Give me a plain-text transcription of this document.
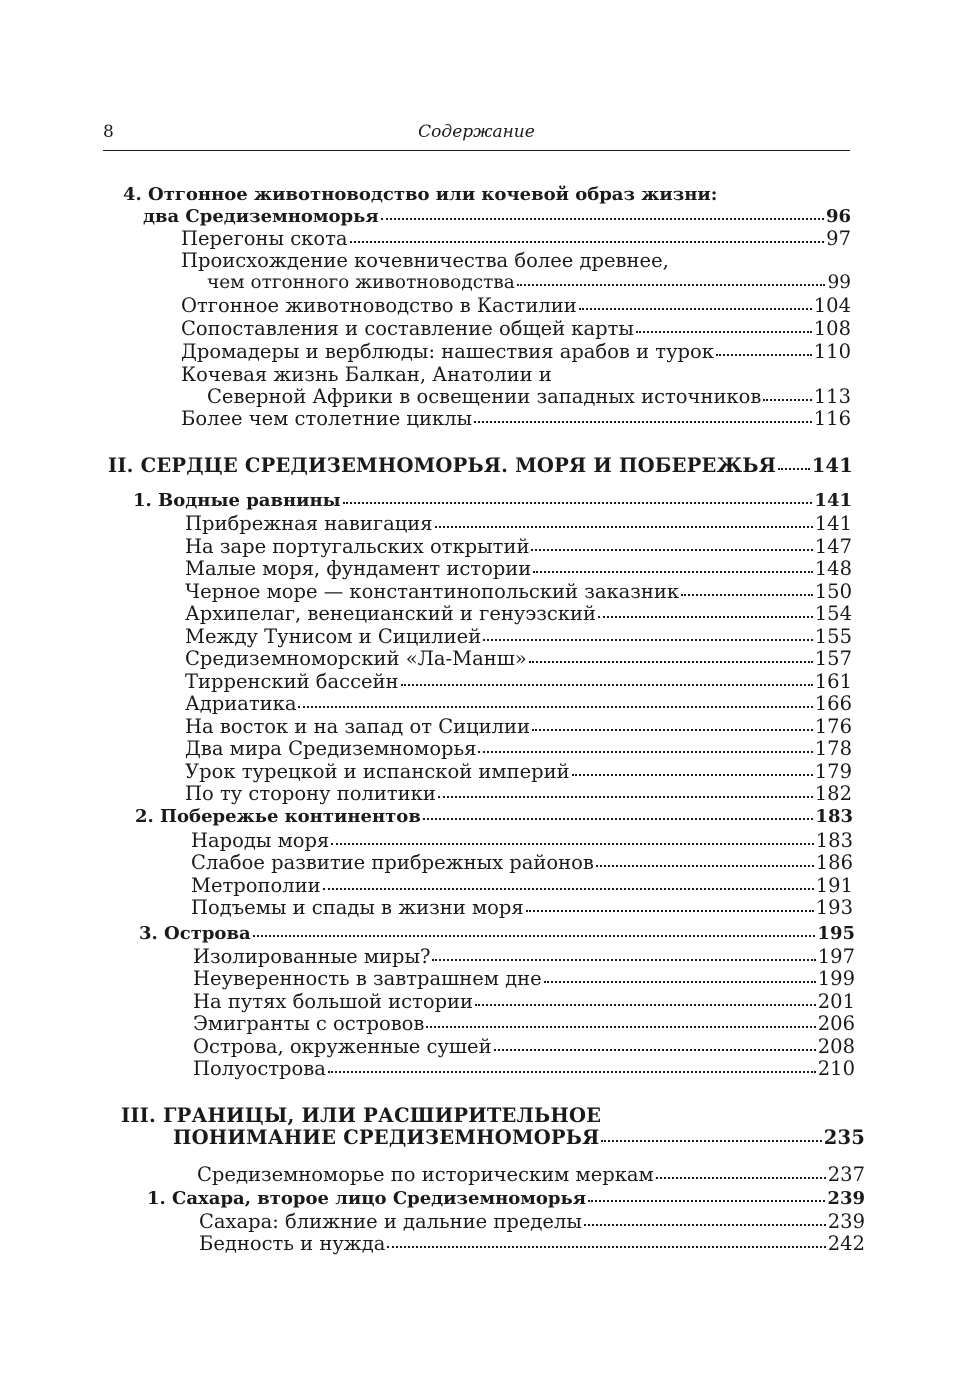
8	Содержание
4. Отгонное животноводство или кочевой образ жизни:
два Средиземноморья	96
Перегоны скота	97
Происхождение кочевничества более древнее,
чем отгонного животноводства	99
Отгонное животноводство в Кастилии	104
Сопоставления и составление общей карты	108
Дромадеры и верблюды: нашествия арабов и турок	110
Кочевая жизнь Балкан, Анатолии и
Северной Африки в освещении западных источников	113
Более чем столетние циклы	116
II. СЕРДЦЕ СРЕДИЗЕМНОМОРЬЯ. МОРЯ И ПОБЕРЕЖЬЯ 141
1. Водные равнины	141
Прибрежная навигация	141
На заре португальских открытий	147
Малые моря, фундамент истории	148
Черное море — константинопольский заказник	150
Архипелаг, венецианский и генуэзский	154
Между Тунисом и Сицилией	155
Средиземноморский «Ла-Манш»	157
Тирренский бассейн	161
Адриатика	166
На восток и на запад от Сицилии	176
Два мира Средиземноморья	178
Урок турецкой и испанской империй	179
По ту сторону политики	182
2. Побережье континентов	183
Народы моря	183
Слабое развитие прибрежных районов	186
Метрополии	191
Подъемы и спады в жизни моря	193
3. Острова	195
Изолированные миры?	197
Неуверенность в завтрашнем дне	199
На путях большой истории	201
Эмигранты с островов	206
Острова, окруженные сушей	208
Полуострова	210
III. ГРАНИЦЫ, ИЛИ РАСШИРИТЕЛЬНОЕ
ПОНИМАНИЕ СРЕДИЗЕМНОМОРЬЯ	235
Средиземноморье по историческим меркам	237
1. Сахара, второе лицо Средиземноморья	239
Сахара: ближние и дальние пределы	239
Бедность и нужда	242
